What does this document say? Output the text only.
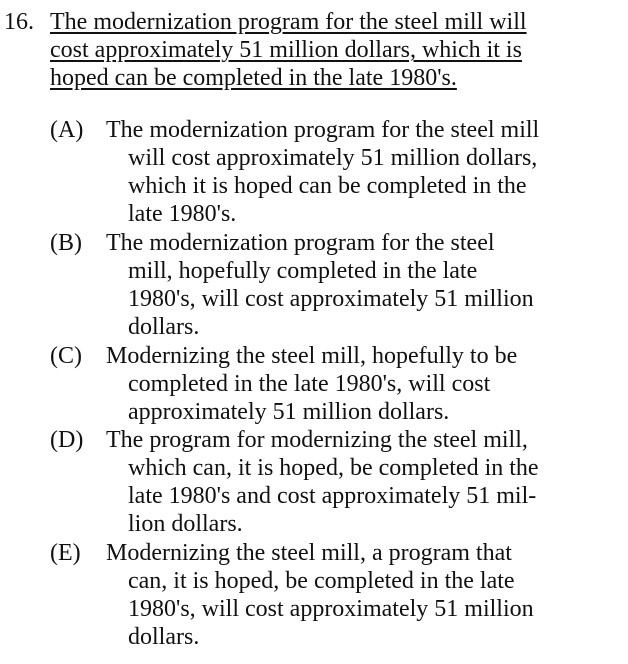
16. The modernization program for the steel mill will
cost approximately 51 million dollars, which it is
hoped can be completed in the late 1980's.
(A) The modernization program for the steel mill
will cost approximately 51 million dollars,
which it is hoped can be completed in the
late 1980's.
(B)	The modernization program for the steel
mill, hopefully completed in the late
1980's, will cost approximately 51 million
dollars.
(C)	Modernizing the steel mill, hopefully to be
completed in the late 1980's, will cost
approximately 51 million dollars.
(D) The program for modernizing the steel mill,
which can, it is hoped, be completed in the
late 1980's and cost approximately 51 mil-
lion dollars.
(E)	Modernizing the steel mill, a program that
can, it is hoped, be completed in the late
1980's, will cost approximately 51 million
dollars.
